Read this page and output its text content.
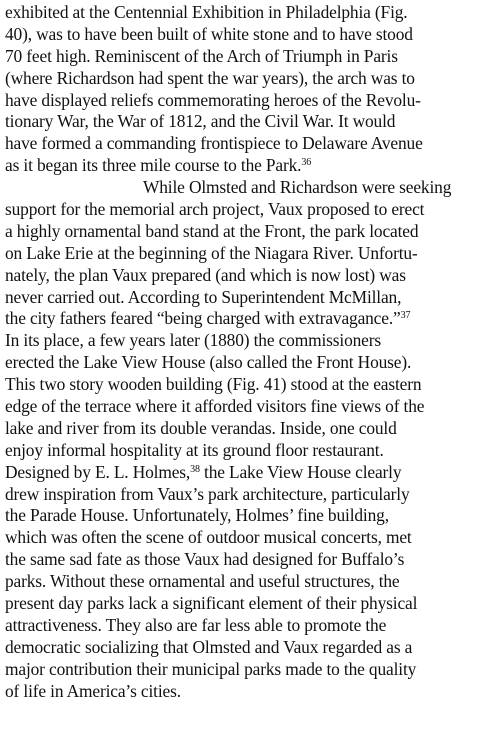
exhibited at the Centennial Exhibition in Philadelphia (Fig.
40), was to have been built of white stone and to have stood
70 feet high. Reminiscent of the Arch of Triumph in Paris
(where Richardson had spent the war years), the arch was to
have displayed reliefs commemorating heroes of the Revolu-
tionary War, the War of 1812, and the Civil War. It would
have formed a commanding frontispiece to Delaware Avenue
as it began its three mile course to the Park.$^{36}$
While Olmsted and Richardson were seeking
support for the memorial arch project, Vaux proposed to erect
a highly ornamental band stand at the Front, the park located
on Lake Erie at the beginning of the Niagara River. Unfortu-
nately, the plan Vaux prepared (and which is now lost) was
never carried out. According to Superintendent McMillan,
the city fathers feared “being charged with extravagance.”$^{37}$
In its place, a few years later (1880) the commissioners
erected the Lake View House (also called the Front House).
This two story wooden building (Fig. 41) stood at the eastern
edge of the terrace where it afforded visitors fine views of the
lake and river from its double verandas. Inside, one could
enjoy informal hospitality at its ground floor restaurant.
Designed by E. L. Holmes,$^{38}$ the Lake View House clearly
drew inspiration from Vaux’s park architecture, particularly
the Parade House. Unfortunately, Holmes’ fine building,
which was often the scene of outdoor musical concerts, met
the same sad fate as those Vaux had designed for Buffalo’s
parks. Without these ornamental and useful structures, the
present day parks lack a significant element of their physical
attractiveness. They also are far less able to promote the
democratic socializing that Olmsted and Vaux regarded as a
major contribution their municipal parks made to the quality
of life in America’s cities.
